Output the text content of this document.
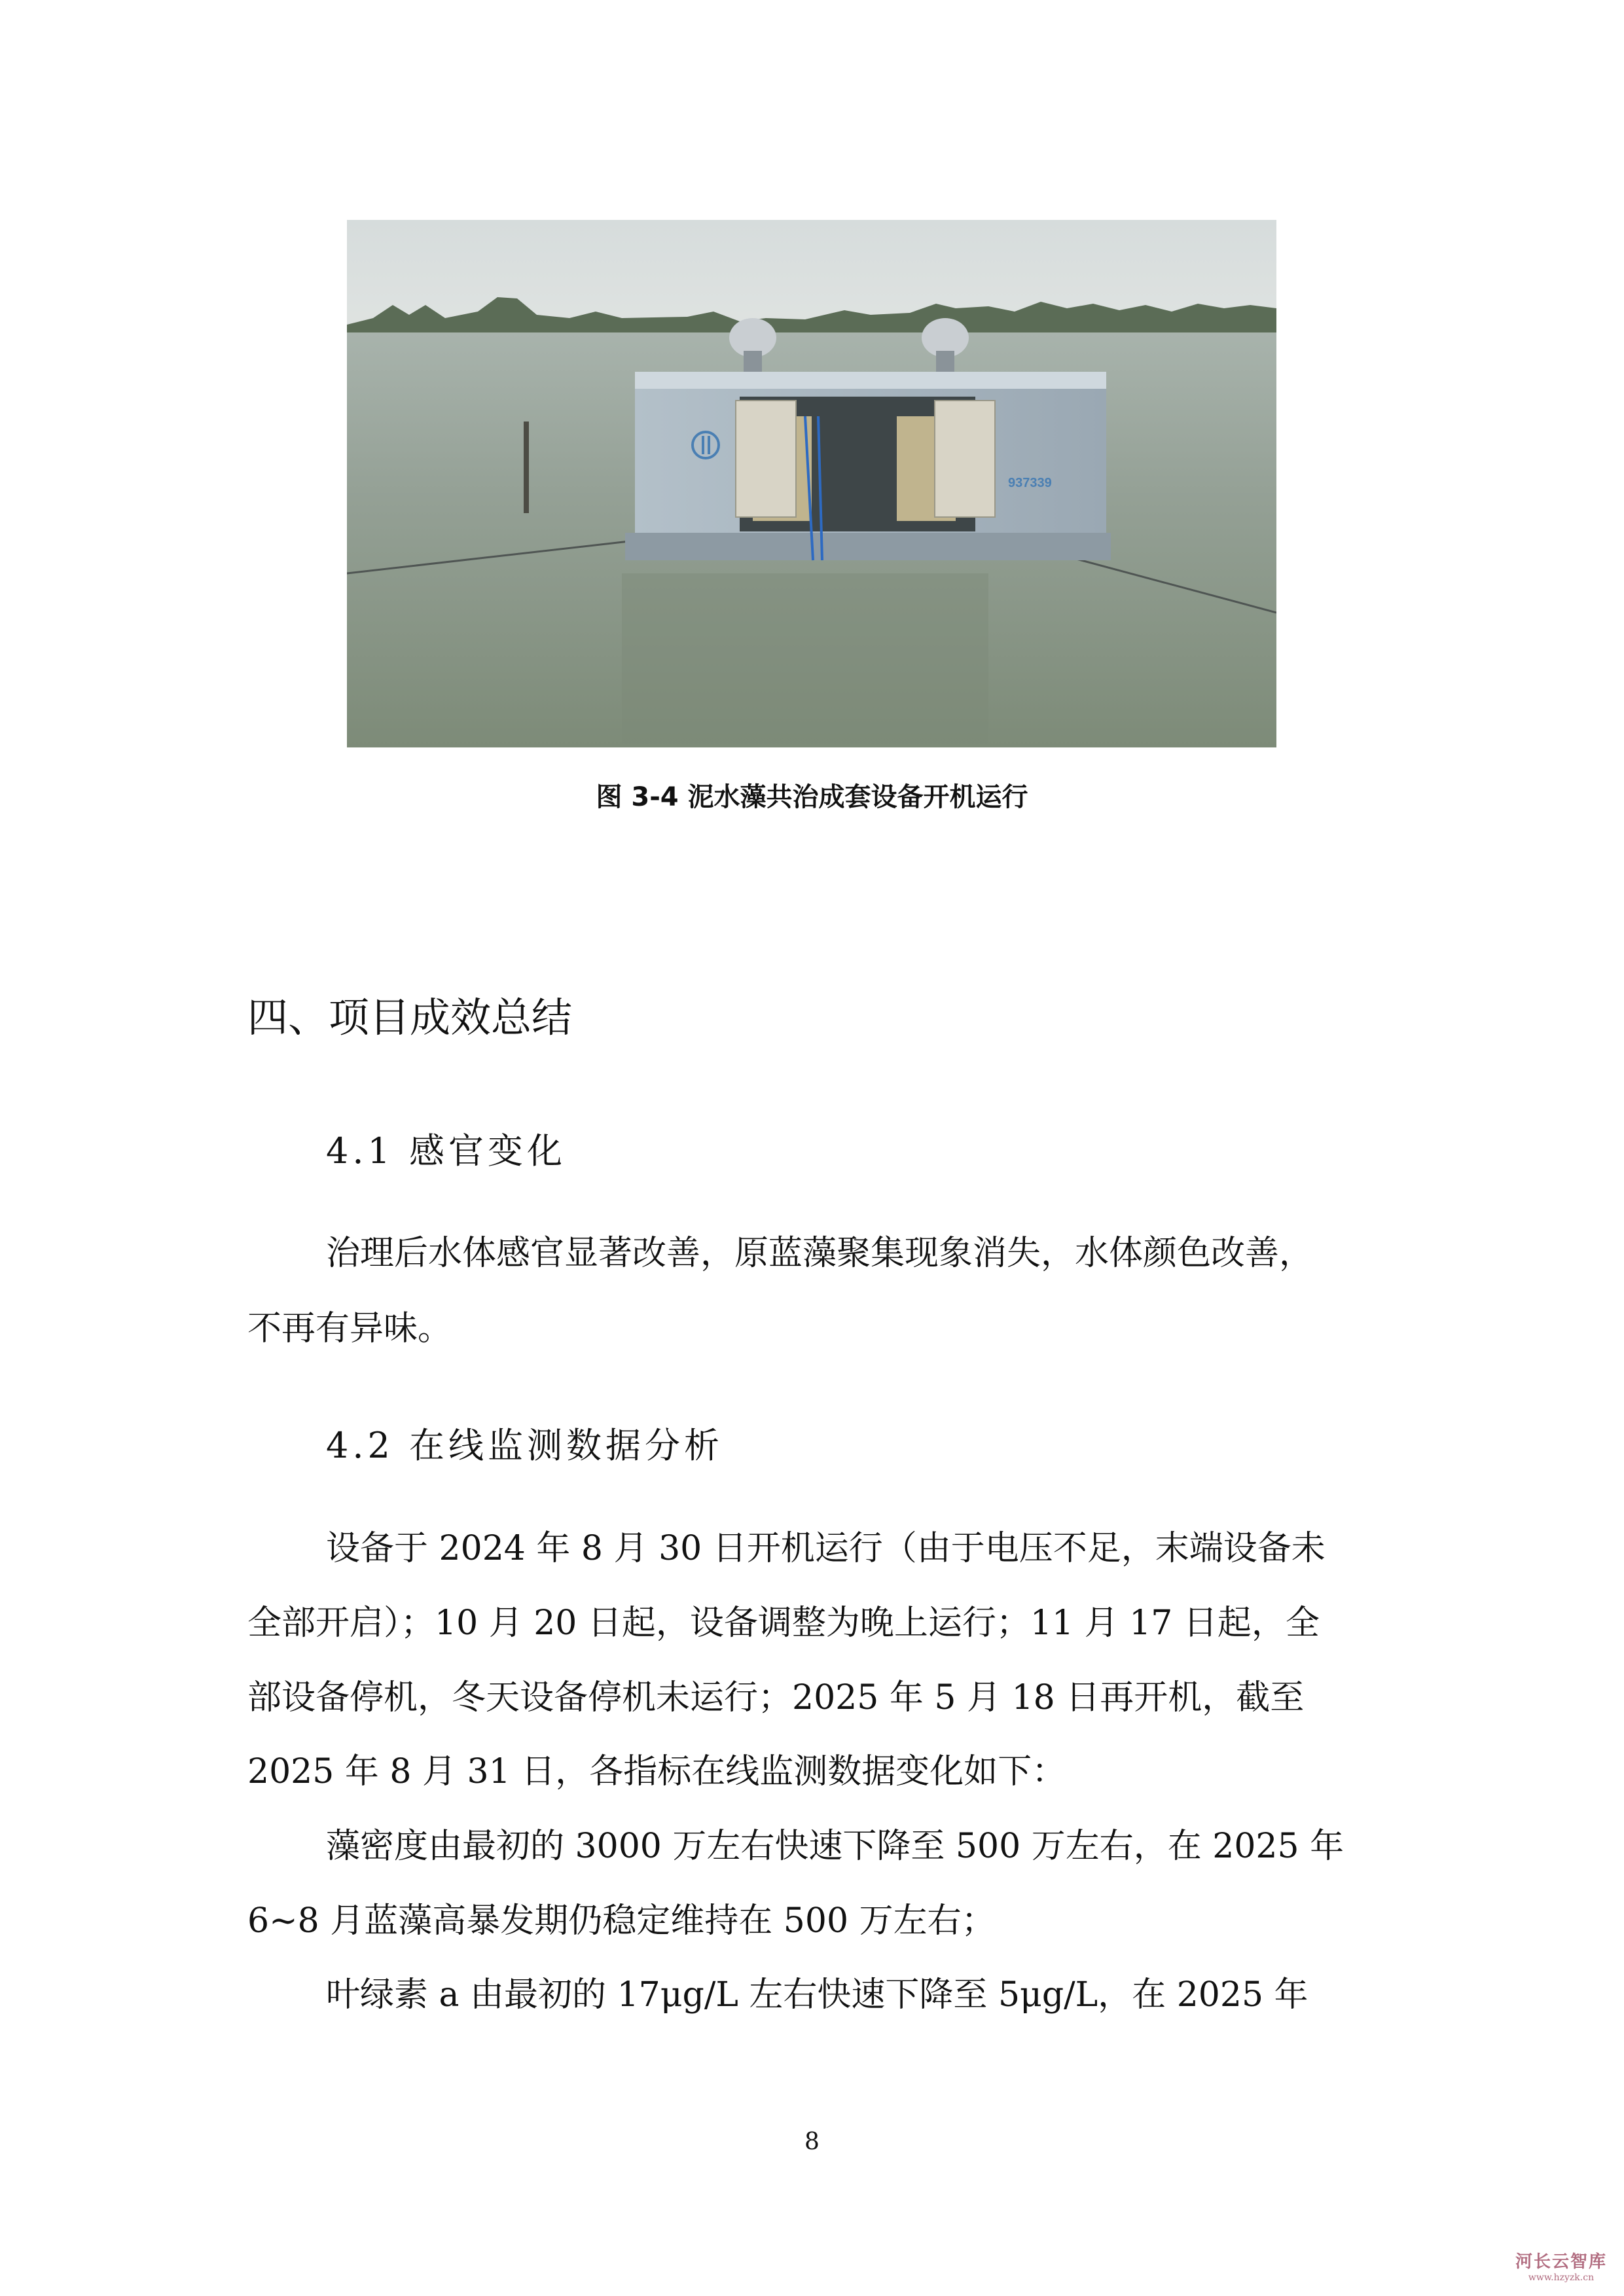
937339
图 3-4 泥水藻共治成套设备开机运行
四、项目成效总结
4.1 感官变化
治理后水体感官显著改善，原蓝藻聚集现象消失，水体颜色改善，
不再有异味。
4.2 在线监测数据分析
设备于 2024 年 8 月 30 日开机运行（由于电压不足，末端设备未
全部开启）；10 月 20 日起，设备调整为晚上运行；11 月 17 日起，全
部设备停机，冬天设备停机未运行；2025 年 5 月 18 日再开机，截至
2025 年 8 月 31 日，各指标在线监测数据变化如下：
藻密度由最初的 3000 万左右快速下降至 500 万左右，在 2025 年
6~8 月蓝藻高暴发期仍稳定维持在 500 万左右；
叶绿素 a 由最初的 17μg/L 左右快速下降至 5μg/L，在 2025 年
8
河长云智库
www.hzyzk.cn
